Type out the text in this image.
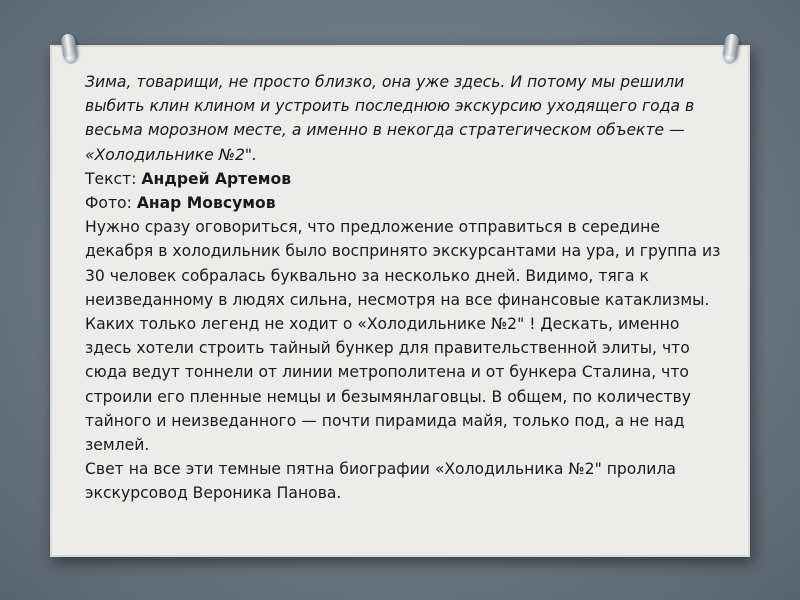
Зима, товарищи, не просто близко, она уже здесь. И потому мы решили выбить клин клином и устроить последнюю экскурсию уходящего года в весьма морозном месте, а именно в некогда стратегическом объекте — «Холодильнике №2".

Текст: Андрей Артемов

Фото: Анар Мовсумов

Нужно сразу оговориться, что предложение отправиться в середине декабря в холодильник было воспринято экскурсантами на ура, и группа из 30 человек собралась буквально за несколько дней. Видимо, тяга к неизведанному в людях сильна, несмотря на все финансовые катаклизмы.

Каких только легенд не ходит о «Холодильнике №2" ! Дескать, именно здесь хотели строить тайный бункер для правительственной элиты, что сюда ведут тоннели от линии метрополитена и от бункера Сталина, что строили его пленные немцы и безымянлаговцы. В общем, по количеству тайного и неизведанного — почти пирамида майя, только под, а не над землей.

Свет на все эти темные пятна биографии «Холодильника №2" пролила экскурсовод Вероника Панова.
